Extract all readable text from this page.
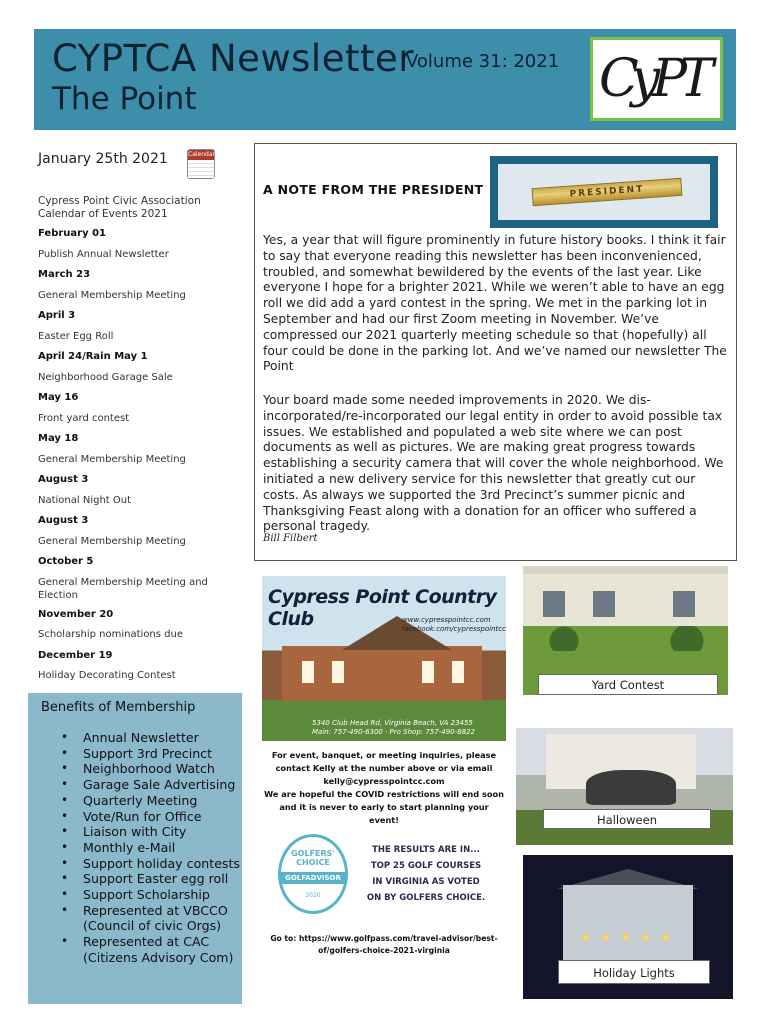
CYPTCA Newsletter
The Point
Volume 31: 2021 CyPT
January 25th 2021	Calendar
Cypress Point Civic Association Calendar of Events 2021
February 01
Publish Annual Newsletter
March 23
General Membership Meeting
April 3
Easter Egg Roll
April 24/Rain May 1
Neighborhood Garage Sale
May 16
Front yard contest
May 18
General Membership Meeting
August 3
National Night Out
August 3
General Membership Meeting
October 5
General Membership Meeting and Election
November 20
Scholarship nominations due
December 19
Holiday Decorating Contest
Benefits of Membership
• Annual Newsletter
• Support 3rd Precinct
• Neighborhood Watch
• Garage Sale Advertising
• Quarterly Meeting
• Vote/Run for Office
• Liaison with City
• Monthly e-Mail
• Support holiday contests
• Support Easter egg roll
• Support Scholarship
• Represented at VBCCO (Council of civic Orgs)
• Represented at CAC (Citizens Advisory Com)
PRESIDENT
A NOTE FROM THE PRESIDENT
Yes, a year that will figure prominently in future history books. I think it fair to say that everyone reading this newsletter has been inconvenienced, troubled, and somewhat bewildered by the events of the last year. Like everyone I hope for a brighter 2021. While we weren’t able to have an egg roll we did add a yard contest in the spring. We met in the parking lot in September and had our first Zoom meeting in November. We’ve compressed our 2021 quarterly meeting schedule so that (hopefully) all four could be done in the parking lot. And we’ve named our newsletter The Point
Your board made some needed improvements in 2020. We dis-incorporated/re-incorporated our legal entity in order to avoid possible tax issues. We established and populated a web site where we can post documents as well as pictures. We are making great progress towards establishing a security camera that will cover the whole neighborhood. We initiated a new delivery service for this newsletter that greatly cut our costs. As always we supported the 3rd Precinct’s summer picnic and Thanksgiving Feast along with a donation for an officer who suffered a personal tragedy.
Bill Filbert
Cypress Point Country Club	www.cypresspointcc.com
facebook.com/cypresspointcc
5340 Club Head Rd, Virginia Beach, VA 23455
Main: 757-490-6300 · Pro Shop: 757-490-8822
For event, banquet, or meeting inquiries, please contact Kelly at the number above or via email kelly@cypresspointcc.com
We are hopeful the COVID restrictions will end soon and it is never to early to start planning your event!
GOLFERS' CHOICE
GOLFADVISOR
2020
THE RESULTS ARE IN... TOP 25 GOLF COURSES IN VIRGINIA AS VOTED ON BY GOLFERS CHOICE.
Go to: https://www.golfpass.com/travel-advisor/best-of/golfers-choice-2021-virginia
Yard Contest
Halloween
Holiday Lights
